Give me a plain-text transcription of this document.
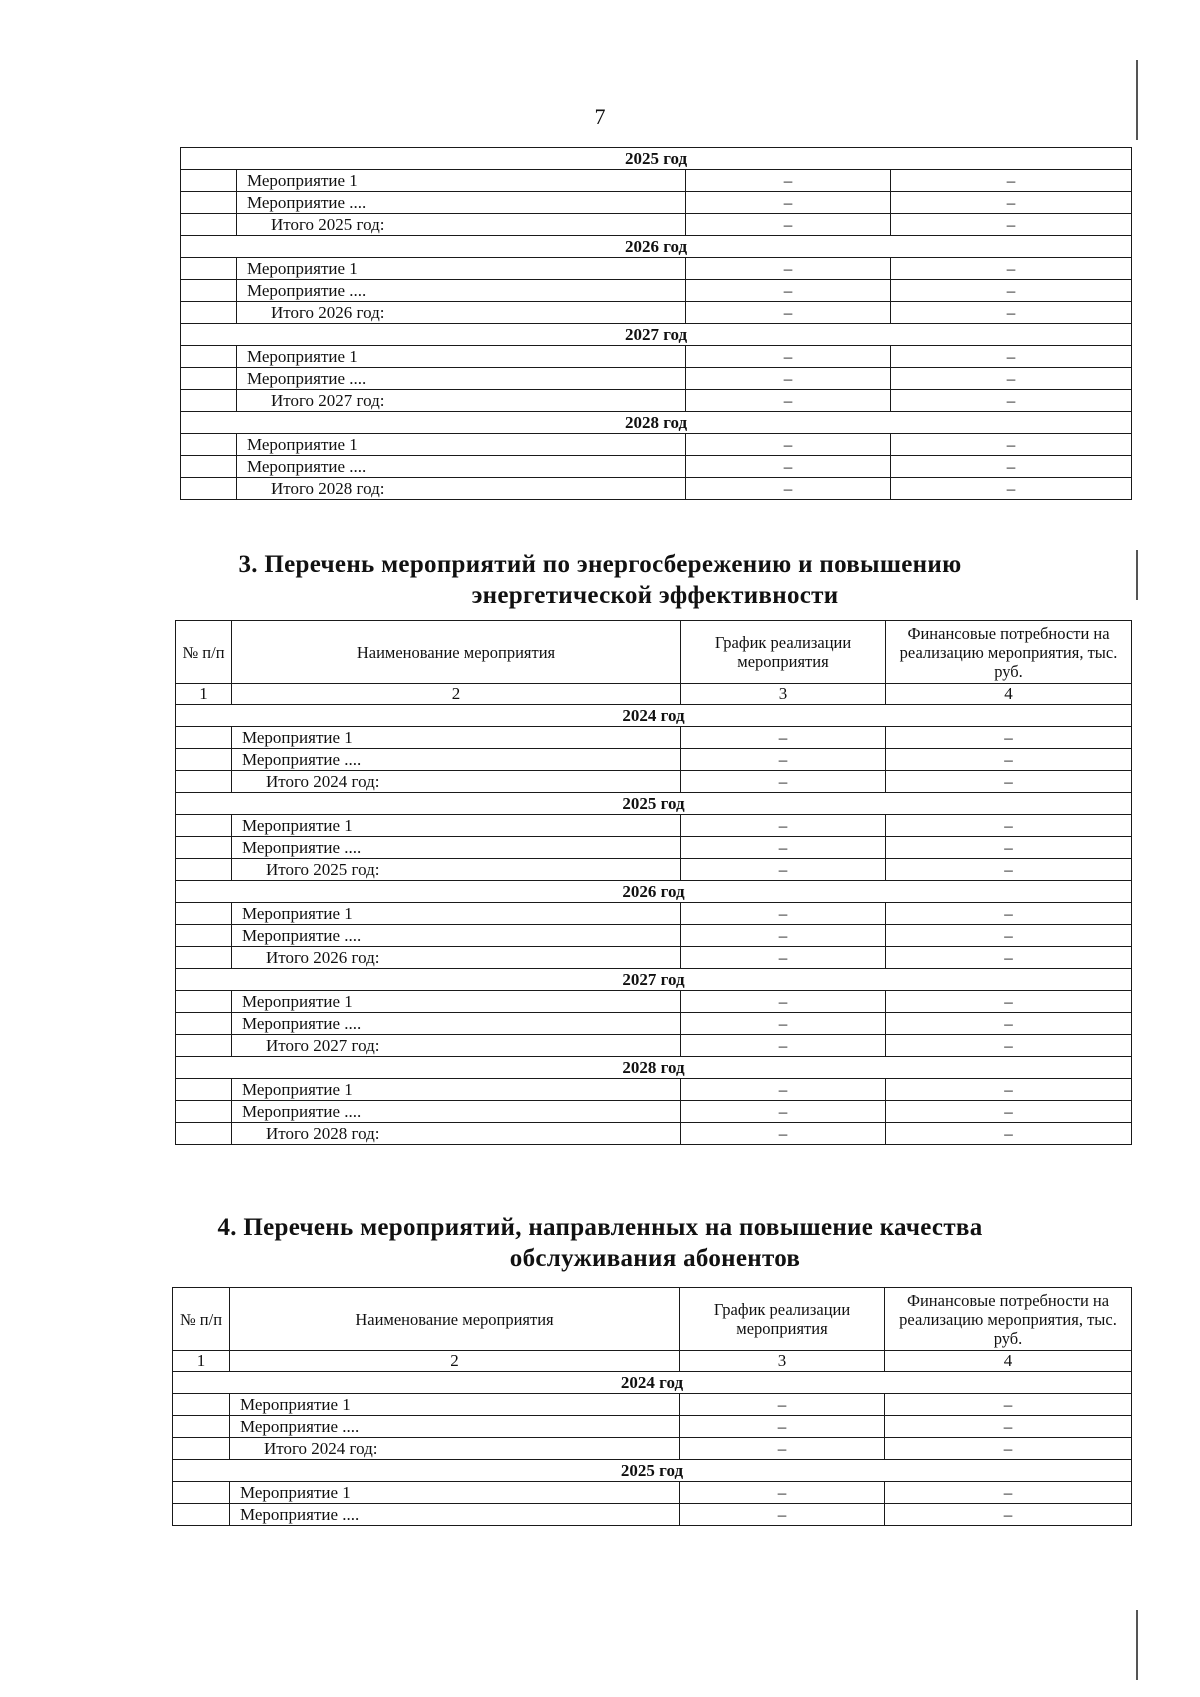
7
2025 год			
	Мероприятие 1	–	–
	Мероприятие ....	–	–
	Итого 2025 год:	–	–
2026 год			
	Мероприятие 1	–	–
	Мероприятие ....	–	–
	Итого 2026 год:	–	–
2027 год			
	Мероприятие 1	–	–
	Мероприятие ....	–	–
	Итого 2027 год:	–	–
2028 год			
	Мероприятие 1	–	–
	Мероприятие ....	–	–
	Итого 2028 год:	–	–
3. Перечень мероприятий по энергосбережению и повышению
энергетической эффективности
№ п/п	Наименование мероприятия	График реализации мероприятия	Финансовые потребности на реализацию мероприятия, тыс. руб.
1	2	3	4
2024 год			
	Мероприятие 1	–	–
	Мероприятие ....	–	–
	Итого 2024 год:	–	–
2025 год			
	Мероприятие 1	–	–
	Мероприятие ....	–	–
	Итого 2025 год:	–	–
2026 год			
	Мероприятие 1	–	–
	Мероприятие ....	–	–
	Итого 2026 год:	–	–
2027 год			
	Мероприятие 1	–	–
	Мероприятие ....	–	–
	Итого 2027 год:	–	–
2028 год			
	Мероприятие 1	–	–
	Мероприятие ....	–	–
	Итого 2028 год:	–	–
4. Перечень мероприятий, направленных на повышение качества
обслуживания абонентов
№ п/п	Наименование мероприятия	График реализации мероприятия	Финансовые потребности на реализацию мероприятия, тыс. руб.
1	2	3	4
2024 год			
	Мероприятие 1	–	–
	Мероприятие ....	–	–
	Итого 2024 год:	–	–
2025 год			
	Мероприятие 1	–	–
	Мероприятие ....	–	–
